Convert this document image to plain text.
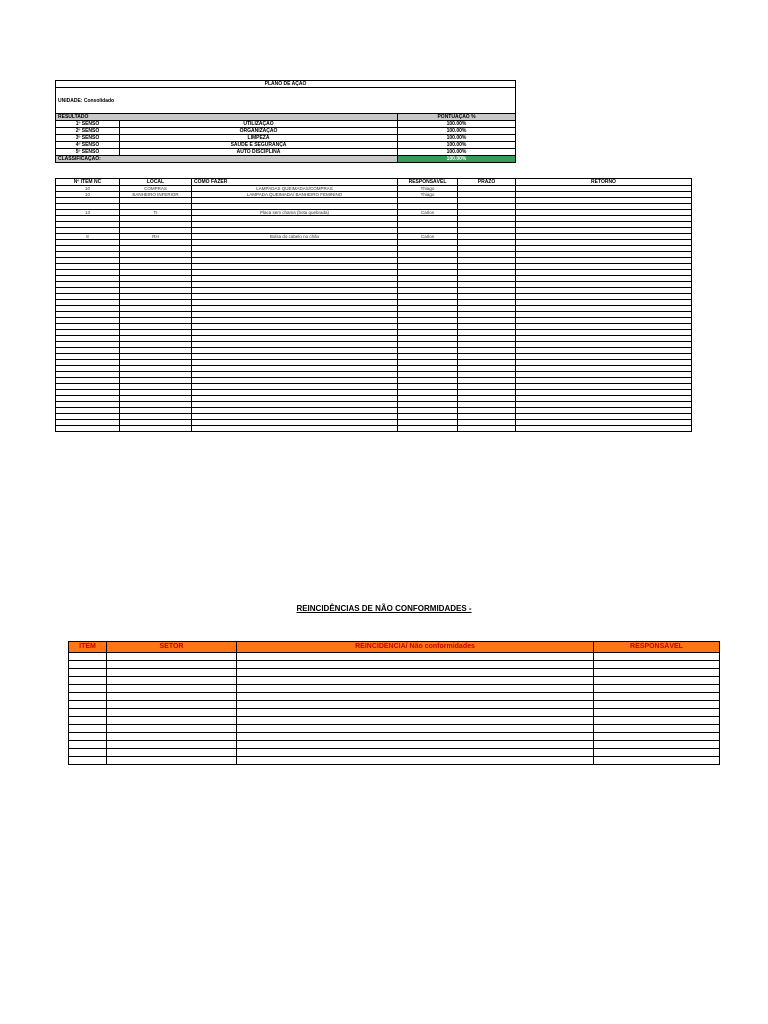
PLANO DE AÇÃO		
UNIDADE: Consolidado		
RESULTADO		PONTUAÇÃO %
1º SENSO	UTILIZAÇÃO	100.00%
2º SENSO	ORGANIZAÇÃO	100.00%
3º SENSO	LIMPEZA	100.00%
4º SENSO	SAÚDE E SEGURANÇA	100.00%
5º SENSO	AUTO DISCIPLINA	100.00%
CLASSIFICAÇÃO:		100.00%
Nº ITEM NC	LOCAL	COMO FAZER	RESPONSÁVEL	PRAZO	RETORNO
10	COMPRAS	LAMPADAS QUEIMADAS/COMPRAS	Thiago		
10	BANHEIRO INFERIOR	LAMPADA QUEIMADA/ BANHEIRO FEMININO	Thiago		

13	TI	Placa sem chama (bota quebrada)	Carlos		

8	RH	Bolsa do cabelo no chão	Carlos		

REINCIDÊNCIAS DE NÃO CONFORMIDADES -
ITEM	SETOR	REINCIDENCIA/ Não conformidades	RESPONSÁVEL
